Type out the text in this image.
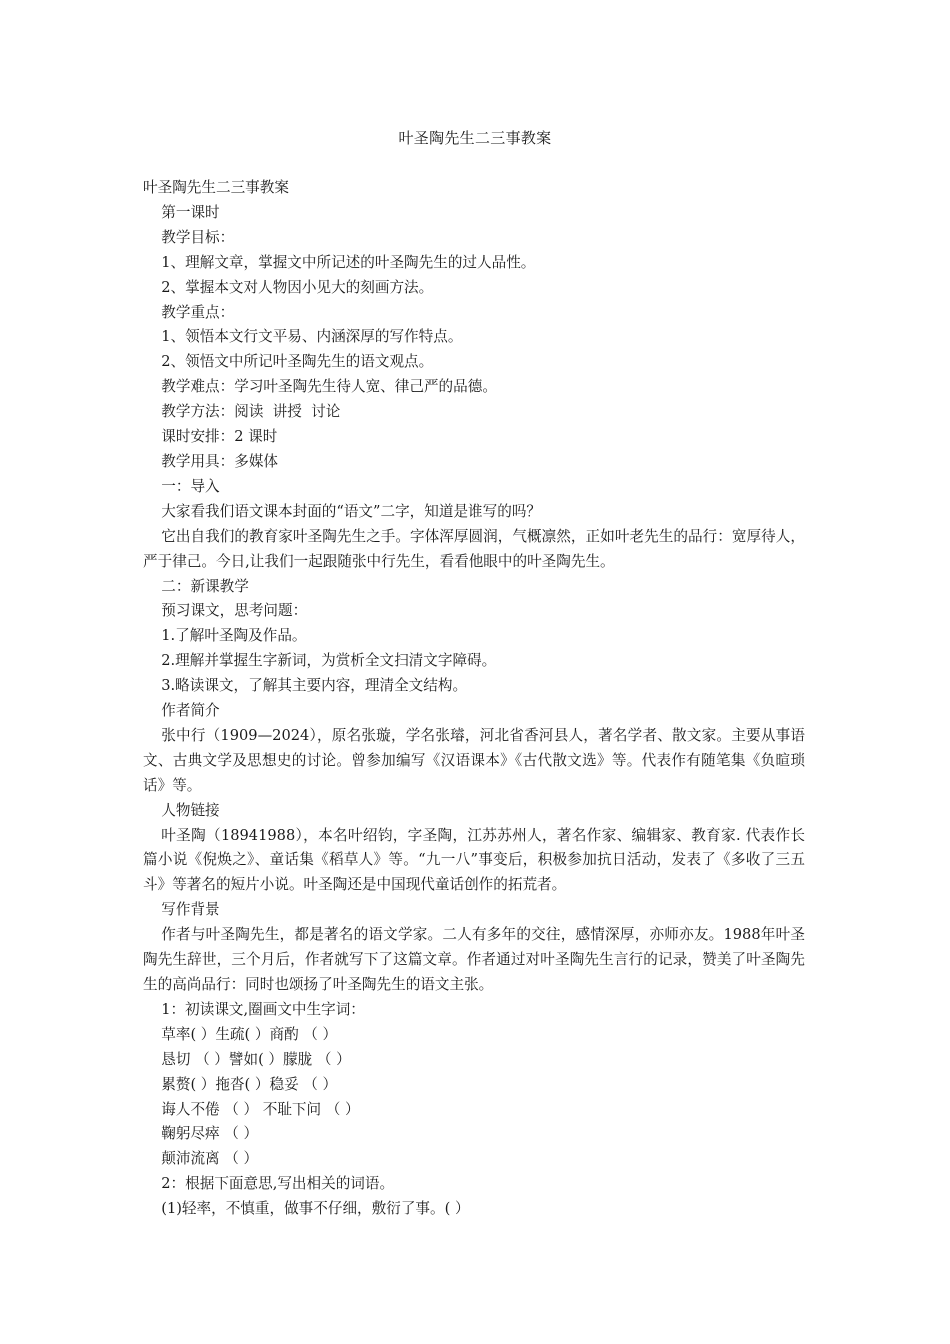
叶圣陶先生二三事教案

叶圣陶先生二三事教案

第一课时

教学目标：

1、理解文章，掌握文中所记述的叶圣陶先生的过人品性。

2、掌握本文对人物因小见大的刻画方法。

教学重点：

1、领悟本文行文平易、内涵深厚的写作特点。

2、领悟文中所记叶圣陶先生的语文观点。

教学难点：学习叶圣陶先生待人宽、律己严的品德。

教学方法：阅读  讲授  讨论

课时安排：2 课时

教学用具：多媒体

一：导入

大家看我们语文课本封面的“语文”二字，知道是谁写的吗？

它出自我们的教育家叶圣陶先生之手。字体浑厚圆润，气概凛然，正如叶老先生的品行：宽厚待人，严于律己。今日,让我们一起跟随张中行先生，看看他眼中的叶圣陶先生。

二：新课教学

预习课文，思考问题：

1.了解叶圣陶及作品。

2.理解并掌握生字新词，为赏析全文扫清文字障碍。

3.略读课文，了解其主要内容，理清全文结构。

作者简介

张中行（1909—2024），原名张璇，学名张璿，河北省香河县人，著名学者、散文家。主要从事语文、古典文学及思想史的讨论。曾参加编写《汉语课本》《古代散文选》等。代表作有随笔集《负暄琐话》等。

人物链接

叶圣陶（18941988），本名叶绍钧，字圣陶，江苏苏州人，著名作家、编辑家、教育家. 代表作长篇小说《倪焕之》、童话集《稻草人》等。“九一八”事变后，积极参加抗日活动，发表了《多收了三五斗》等著名的短片小说。叶圣陶还是中国现代童话创作的拓荒者。

写作背景

作者与叶圣陶先生，都是著名的语文学家。二人有多年的交往，感情深厚，亦师亦友。1988年叶圣陶先生辞世，三个月后，作者就写下了这篇文章。作者通过对叶圣陶先生言行的记录，赞美了叶圣陶先生的高尚品行：同时也颂扬了叶圣陶先生的语文主张。

1：初读课文,圈画文中生字词：

草率( ）生疏( ）商酌 （ ）

恳切 （ ）譬如( ）朦胧 （ ）

累赘( ）拖沓( ）稳妥 （ ）

诲人不倦 （ ） 不耻下问 （ ）

鞠躬尽瘁 （ ）

颠沛流离 （ ）

2：根据下面意思,写出相关的词语。

(1)轻率，不慎重，做事不仔细，敷衍了事。( ）
